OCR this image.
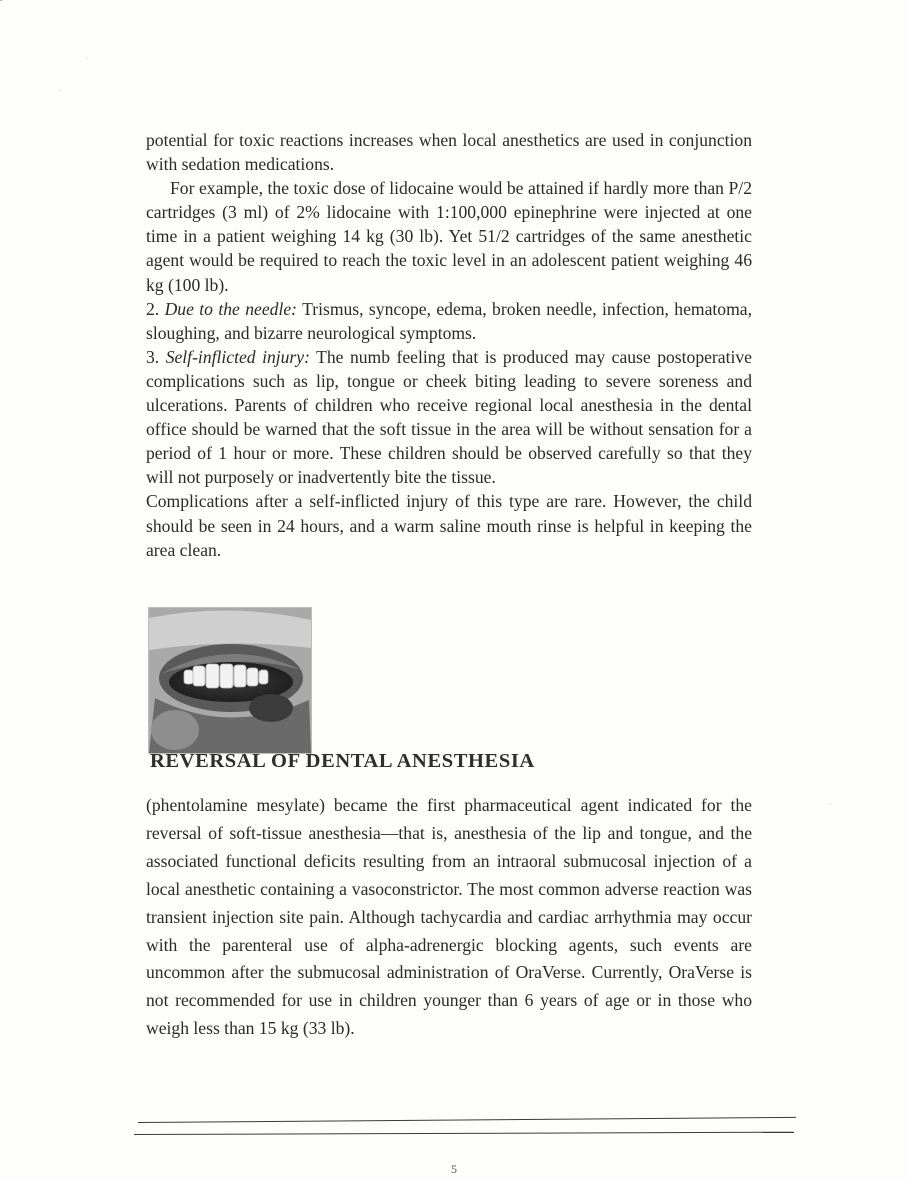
·
·
·

potential for toxic reactions increases when local anesthetics are used in conjunction with sedation medications.

For example, the toxic dose of lidocaine would be attained if hardly more than P/2 cartridges (3 ml) of 2% lidocaine with 1:100,000 epinephrine were injected at one time in a patient weighing 14 kg (30 lb). Yet 51/2 cartridges of the same anesthetic agent would be required to reach the toxic level in an adolescent patient weighing 46 kg (100 lb).

2. Due to the needle: Trismus, syncope, edema, broken needle, infection, hematoma, sloughing, and bizarre neurological symptoms.

3. Self-inflicted injury: The numb feeling that is produced may cause postoperative complications such as lip, tongue or cheek biting leading to severe soreness and ulcerations. Parents of children who receive regional local anesthesia in the dental office should be warned that the soft tissue in the area will be without sensation for a period of 1 hour or more. These children should be observed carefully so that they will not purposely or inadvertently bite the tissue.

Complications after a self-inflicted injury of this type are rare. However, the child should be seen in 24 hours, and a warm saline mouth rinse is helpful in keeping the area clean.

REVERSAL OF DENTAL ANESTHESIA

(phentolamine mesylate) became the first pharmaceutical agent indicated for the reversal of soft-tissue anesthesia—that is, anesthesia of the lip and tongue, and the associated functional deficits resulting from an intraoral submucosal injection of a local anesthetic containing a vasoconstrictor. The most common adverse reaction was transient injection site pain. Although tachycardia and cardiac arrhythmia may occur with the parenteral use of alpha-adrenergic blocking agents, such events are uncommon after the submucosal administration of OraVerse. Currently, OraVerse is not recommended for use in children younger than 6 years of age or in those who weigh less than 15 kg (33 lb).

5
